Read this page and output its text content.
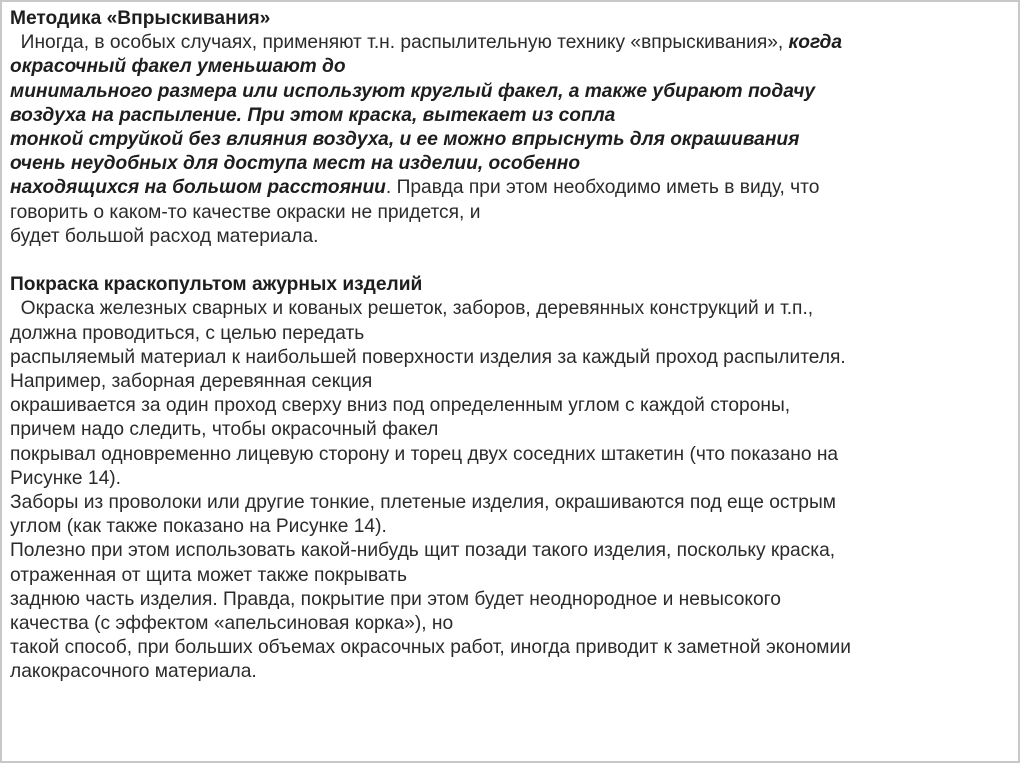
Методика «Впрыскивания»
Иногда, в особых случаях, применяют т.н. распылительную технику «впрыскивания», когда
окрасочный факел уменьшают до
минимального размера или используют круглый факел, а также убирают подачу
воздуха на распыление. При этом краска, вытекает из сопла
тонкой струйкой без влияния воздуха, и ее можно впрыснуть для окрашивания
очень неудобных для доступа мест на изделии, особенно
находящихся на большом расстоянии. Правда при этом необходимо иметь в виду, что
говорить о каком-то качестве окраски не придется, и
будет большой расход материала.
Покраска краскопультом ажурных изделий
Окраска железных сварных и кованых решеток, заборов, деревянных конструкций и т.п.,
должна проводиться, с целью передать
распыляемый материал к наибольшей поверхности изделия за каждый проход распылителя.
Например, заборная деревянная секция
окрашивается за один проход сверху вниз под определенным углом с каждой стороны,
причем надо следить, чтобы окрасочный факел
покрывал одновременно лицевую сторону и торец двух соседних штакетин (что показано на
Рисунке 14).
Заборы из проволоки или другие тонкие, плетеные изделия, окрашиваются под еще острым
углом (как также показано на Рисунке 14).
Полезно при этом использовать какой-нибудь щит позади такого изделия, поскольку краска,
отраженная от щита может также покрывать
заднюю часть изделия. Правда, покрытие при этом будет неоднородное и невысокого
качества (с эффектом «апельсиновая корка»), но
такой способ, при больших объемах окрасочных работ, иногда приводит к заметной экономии
лакокрасочного материала.
